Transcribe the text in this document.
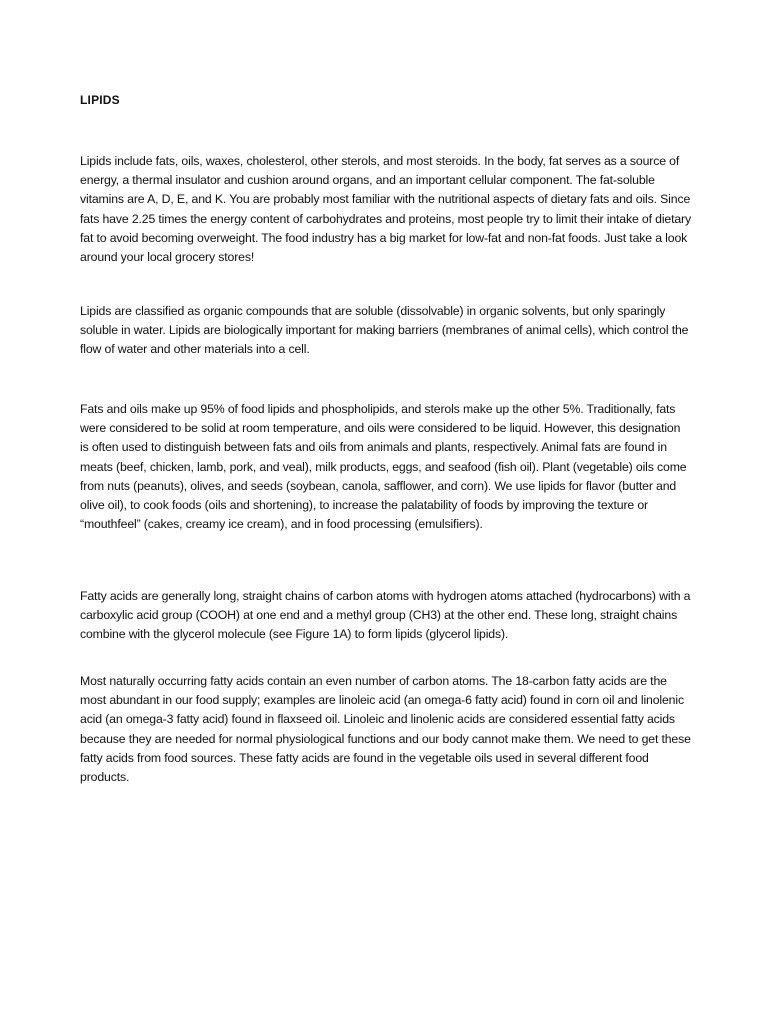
LIPIDS

Lipids include fats, oils, waxes, cholesterol, other sterols, and most steroids. In the body, fat serves as a source of energy, a thermal insulator and cushion around organs, and an important cellular component. The fat-soluble vitamins are A, D, E, and K. You are probably most familiar with the nutritional aspects of dietary fats and oils. Since fats have 2.25 times the energy content of carbohydrates and proteins, most people try to limit their intake of dietary fat to avoid becoming overweight. The food industry has a big market for low-fat and non-fat foods. Just take a look around your local grocery stores!

Lipids are classified as organic compounds that are soluble (dissolvable) in organic solvents, but only sparingly soluble in water. Lipids are biologically important for making barriers (membranes of animal cells), which control the flow of water and other materials into a cell.

Fats and oils make up 95% of food lipids and phospholipids, and sterols make up the other 5%. Traditionally, fats were considered to be solid at room temperature, and oils were considered to be liquid. However, this designation is often used to distinguish between fats and oils from animals and plants, respectively. Animal fats are found in meats (beef, chicken, lamb, pork, and veal), milk products, eggs, and seafood (fish oil). Plant (vegetable) oils come from nuts (peanuts), olives, and seeds (soybean, canola, safflower, and corn). We use lipids for flavor (butter and olive oil), to cook foods (oils and shortening), to increase the palatability of foods by improving the texture or “mouthfeel” (cakes, creamy ice cream), and in food processing (emulsifiers).

Fatty acids are generally long, straight chains of carbon atoms with hydrogen atoms attached (hydrocarbons) with a carboxylic acid group (COOH) at one end and a methyl group (CH3) at the other end. These long, straight chains combine with the glycerol molecule (see Figure 1A) to form lipids (glycerol lipids).

Most naturally occurring fatty acids contain an even number of carbon atoms. The 18-carbon fatty acids are the most abundant in our food supply; examples are linoleic acid (an omega-6 fatty acid) found in corn oil and linolenic acid (an omega-3 fatty acid) found in flaxseed oil. Linoleic and linolenic acids are considered essential fatty acids because they are needed for normal physiological functions and our body cannot make them. We need to get these fatty acids from food sources. These fatty acids are found in the vegetable oils used in several different food products.
